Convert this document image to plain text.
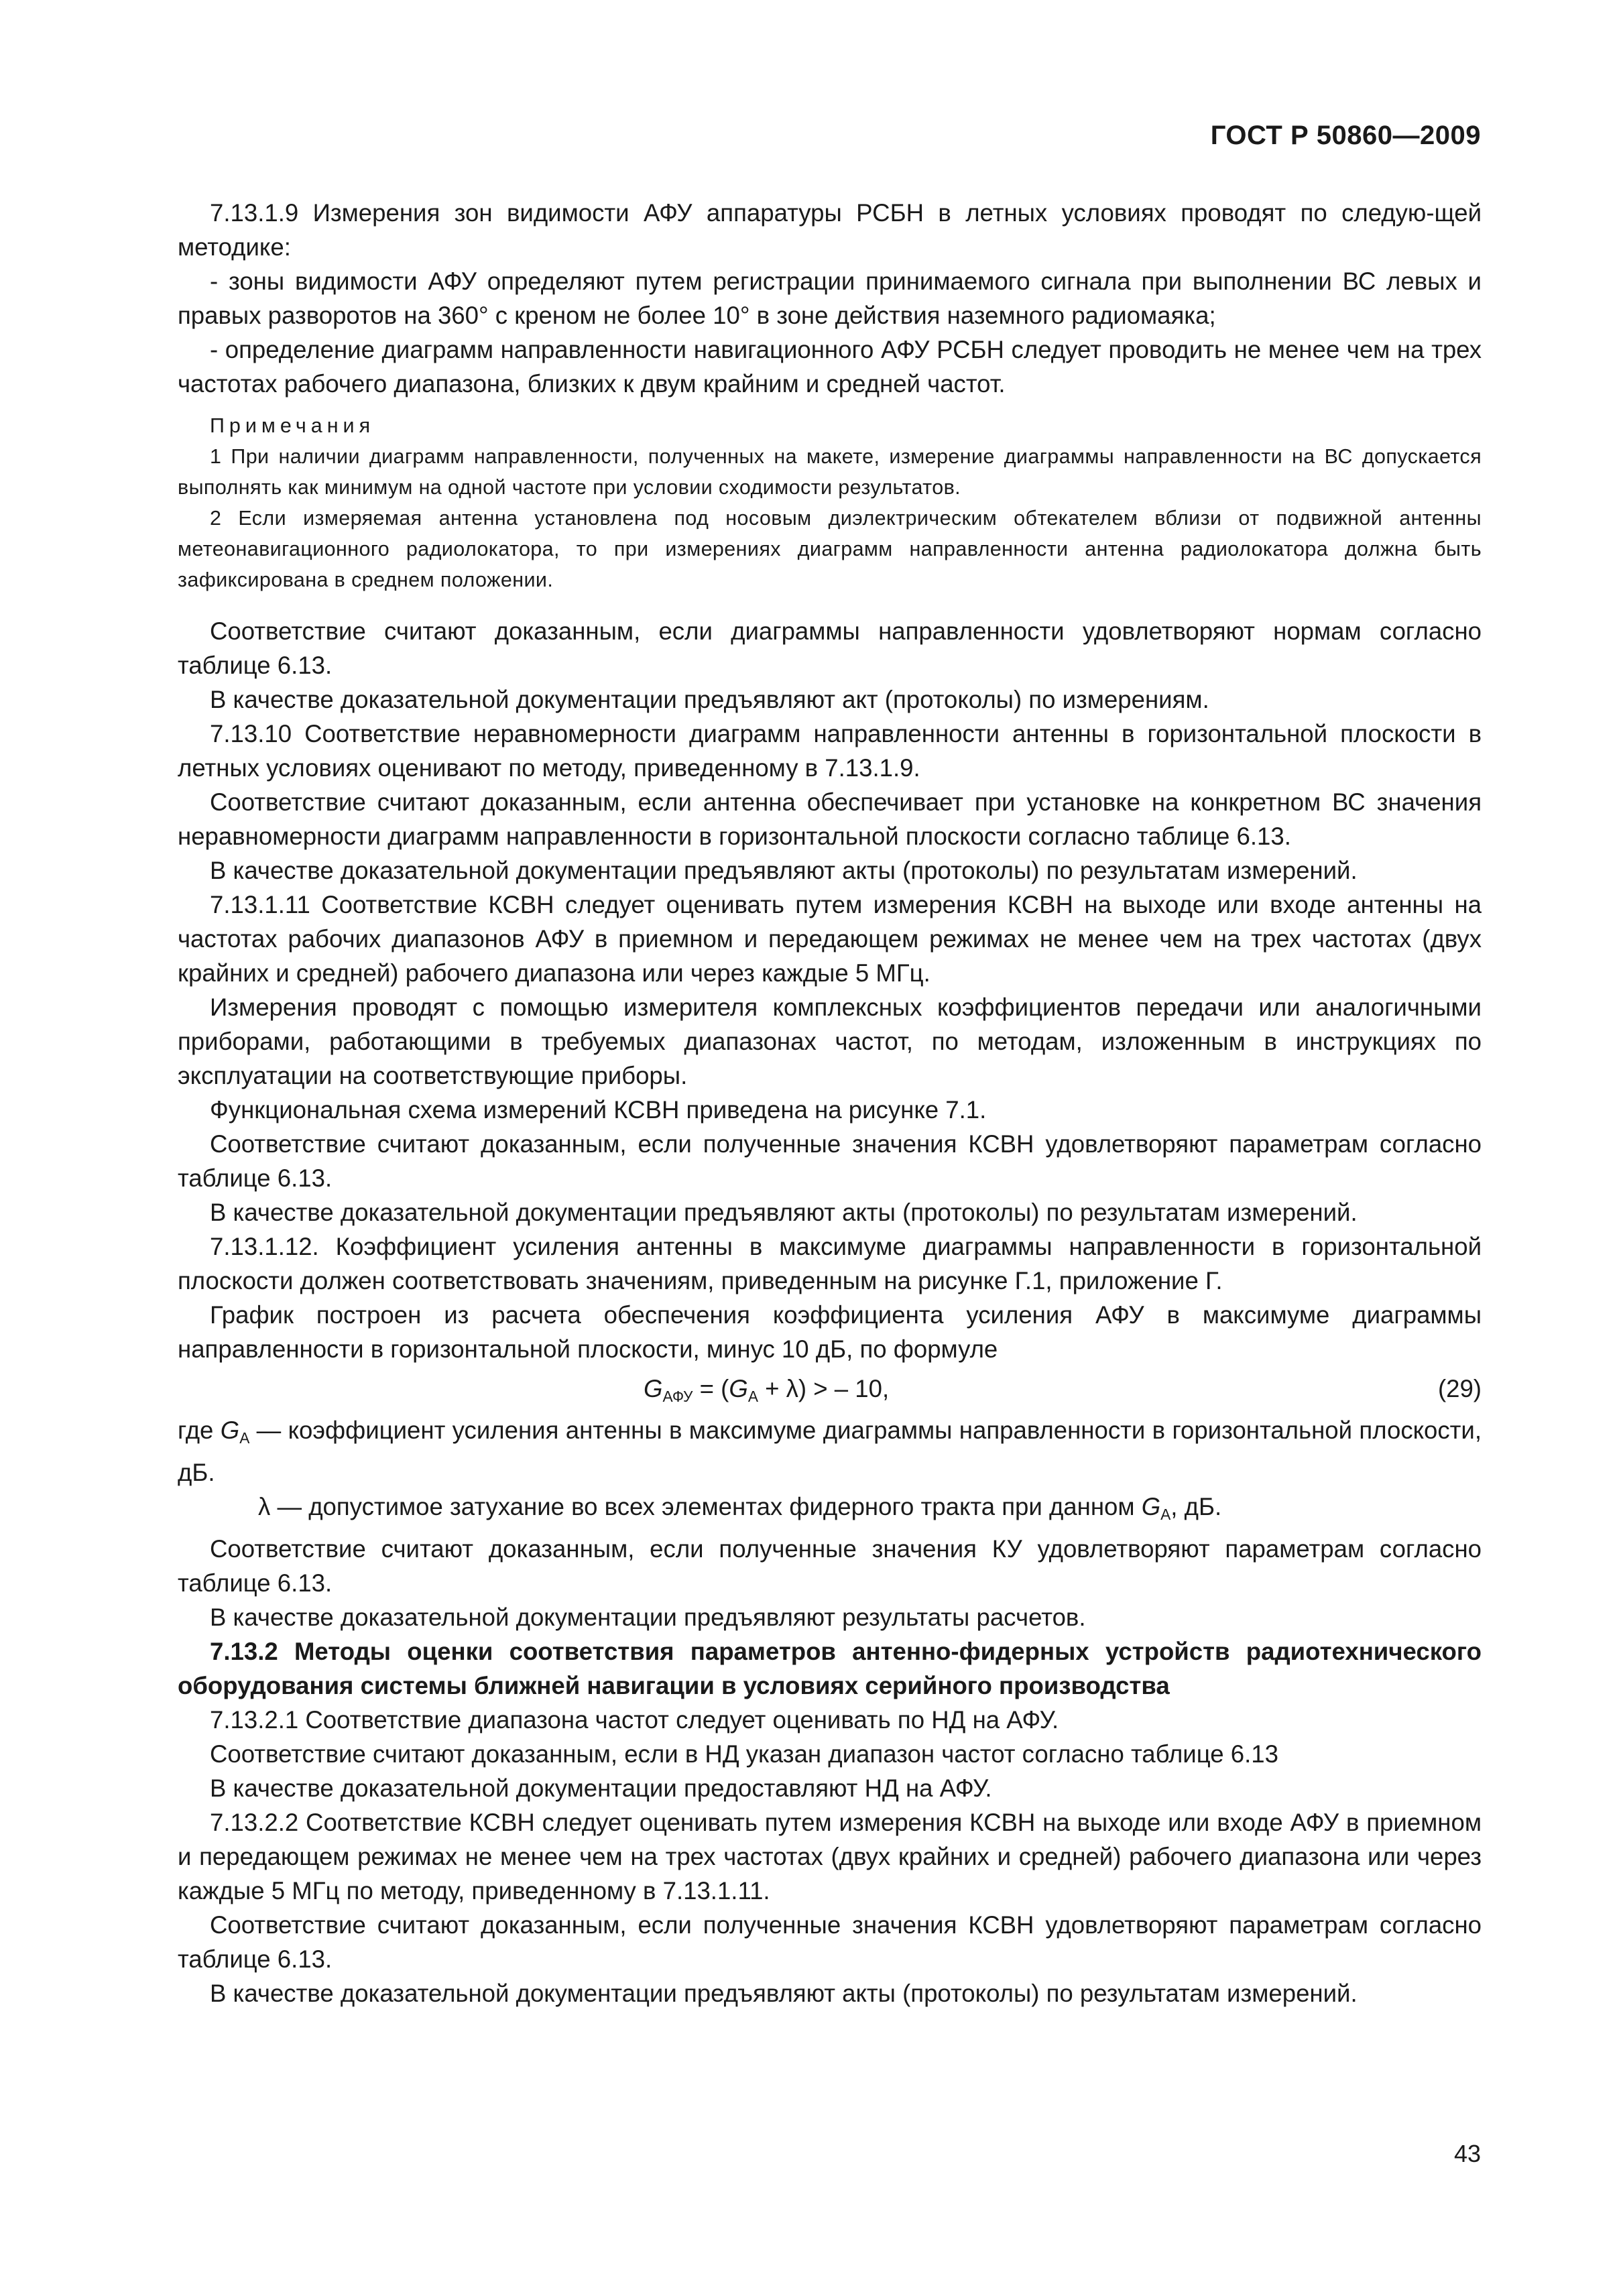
ГОСТ Р 50860—2009

7.13.1.9 Измерения зон видимости АФУ аппаратуры РСБН в летных условиях проводят по следую-щей методике:

- зоны видимости АФУ определяют путем регистрации принимаемого сигнала при выполнении ВС левых и правых разворотов на 360° с креном не более 10° в зоне действия наземного радиомаяка;

- определение диаграмм направленности навигационного АФУ РСБН следует проводить не менее чем на трех частотах рабочего диапазона, близких к двум крайним и средней частот.

Примечания

1 При наличии диаграмм направленности, полученных на макете, измерение диаграммы направленности на ВС допускается выполнять как минимум на одной частоте при условии сходимости результатов.

2 Если измеряемая антенна установлена под носовым диэлектрическим обтекателем вблизи от подвижной антенны метеонавигационного радиолокатора, то при измерениях диаграмм направленности антенна радиолокатора должна быть зафиксирована в среднем положении.

Соответствие считают доказанным, если диаграммы направленности удовлетворяют нормам согласно таблице 6.13.

В качестве доказательной документации предъявляют акт (протоколы) по измерениям.

7.13.10 Соответствие неравномерности диаграмм направленности антенны в горизонтальной плоскости в летных условиях оценивают по методу, приведенному в 7.13.1.9.

Соответствие считают доказанным, если антенна обеспечивает при установке на конкретном ВС значения неравномерности диаграмм направленности в горизонтальной плоскости согласно таблице 6.13.

В качестве доказательной документации предъявляют акты (протоколы) по результатам измерений.

7.13.1.11 Соответствие КСВН следует оценивать путем измерения КСВН на выходе или входе антенны на частотах рабочих диапазонов АФУ в приемном и передающем режимах не менее чем на трех частотах (двух крайних и средней) рабочего диапазона или через каждые 5 МГц.

Измерения проводят с помощью измерителя комплексных коэффициентов передачи или аналогичными приборами, работающими в требуемых диапазонах частот, по методам, изложенным в инструкциях по эксплуатации на соответствующие приборы.

Функциональная схема измерений КСВН приведена на рисунке 7.1.

Соответствие считают доказанным, если полученные значения КСВН удовлетворяют параметрам согласно таблице 6.13.

В качестве доказательной документации предъявляют акты (протоколы) по результатам измерений.

7.13.1.12. Коэффициент усиления антенны в максимуме диаграммы направленности в горизонтальной плоскости должен соответствовать значениям, приведенным на рисунке Г.1, приложение Г.

График построен из расчета обеспечения коэффициента усиления АФУ в максимуме диаграммы направленности в горизонтальной плоскости, минус 10 дБ, по формуле

$G_{АФУ} = (G_А + \lambda)$ > – 10,	(29)

где $G_А$ — коэффициент усиления антенны в максимуме диаграммы направленности в горизонтальной плоскости, дБ.

λ — допустимое затухание во всех элементах фидерного тракта при данном $G_А$, дБ.

Соответствие считают доказанным, если полученные значения КУ удовлетворяют параметрам согласно таблице 6.13.

В качестве доказательной документации предъявляют результаты расчетов.

7.13.2 Методы оценки соответствия параметров антенно-фидерных устройств радиотехнического оборудования системы ближней навигации в условиях серийного производства

7.13.2.1 Соответствие диапазона частот следует оценивать по НД на АФУ.

Соответствие считают доказанным, если в НД указан диапазон частот согласно таблице 6.13

В качестве доказательной документации предоставляют НД на АФУ.

7.13.2.2 Соответствие КСВН следует оценивать путем измерения КСВН на выходе или входе АФУ в приемном и передающем режимах не менее чем на трех частотах (двух крайних и средней) рабочего диапазона или через каждые 5 МГц по методу, приведенному в 7.13.1.11.

Соответствие считают доказанным, если полученные значения КСВН удовлетворяют параметрам согласно таблице 6.13.

В качестве доказательной документации предъявляют акты (протоколы) по результатам измерений.

43
